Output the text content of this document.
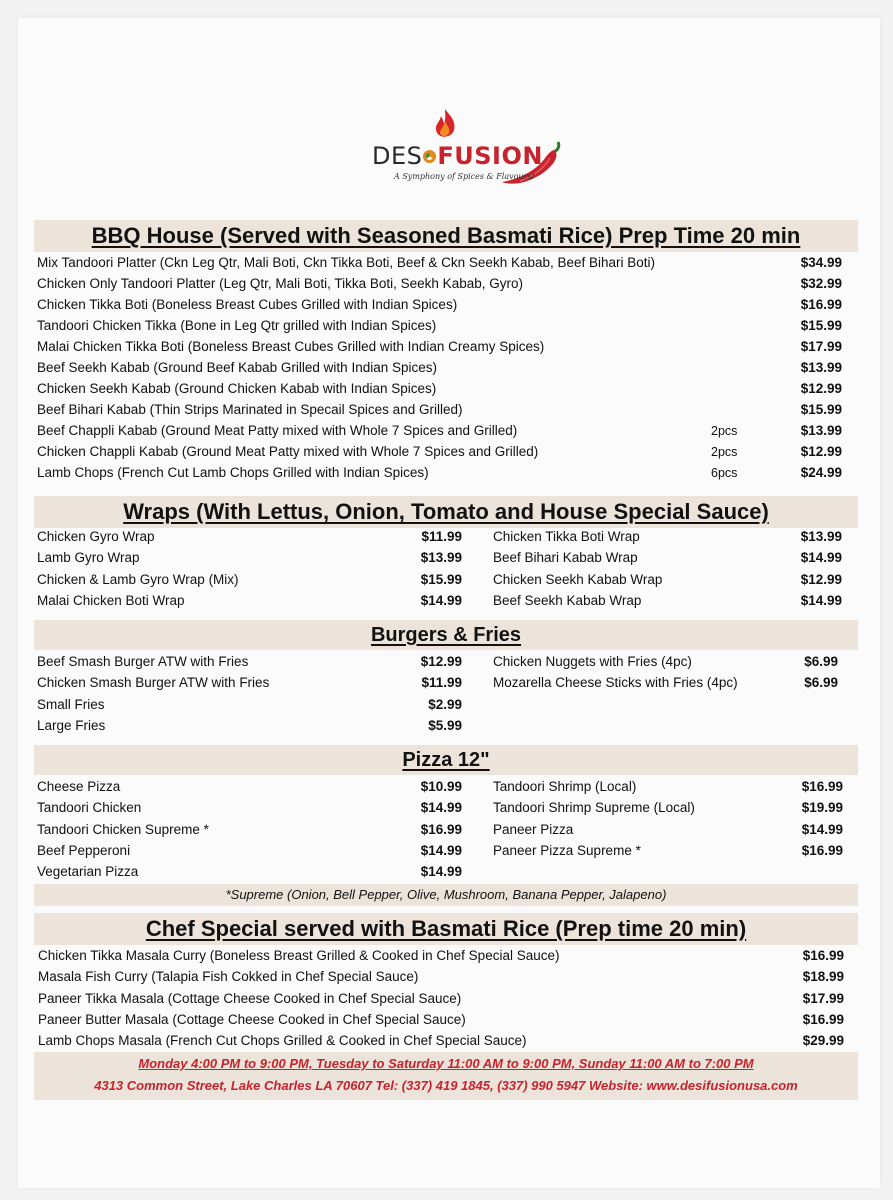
DES FUSION
A Symphony of Spices & Flavours!
BBQ House (Served with Seasoned Basmati Rice) Prep Time 20 min
Mix Tandoori Platter (Ckn Leg Qtr, Mali Boti, Ckn Tikka Boti, Beef & Ckn Seekh Kabab, Beef Bihari Boti)	$34.99
Chicken Only Tandoori Platter (Leg Qtr, Mali Boti, Tikka Boti, Seekh Kabab, Gyro)	$32.99
Chicken Tikka Boti (Boneless Breast Cubes Grilled with Indian Spices)	$16.99
Tandoori Chicken Tikka (Bone in Leg Qtr grilled with Indian Spices)	$15.99
Malai Chicken Tikka Boti (Boneless Breast Cubes Grilled with Indian Creamy Spices)	$17.99
Beef Seekh Kabab (Ground Beef Kabab Grilled with Indian Spices)	$13.99
Chicken Seekh Kabab (Ground Chicken Kabab with Indian Spices)	$12.99
Beef Bihari Kabab (Thin Strips Marinated in Specail Spices and Grilled)	$15.99
Beef Chappli Kabab (Ground Meat Patty mixed with Whole 7 Spices and Grilled)	2pcs	$13.99
Chicken Chappli Kabab (Ground Meat Patty mixed with Whole 7 Spices and Grilled)	2pcs	$12.99
Lamb Chops (French Cut Lamb Chops Grilled with Indian Spices)	6pcs	$24.99
Wraps (With Lettus, Onion, Tomato and House Special Sauce)
Chicken Gyro Wrap	$11.99
Lamb Gyro Wrap	$13.99
Chicken & Lamb Gyro Wrap (Mix)	$15.99
Malai Chicken Boti Wrap	$14.99
Chicken Tikka Boti Wrap	$13.99
Beef Bihari Kabab Wrap	$14.99
Chicken Seekh Kabab Wrap	$12.99
Beef Seekh Kabab Wrap	$14.99
Burgers & Fries
Beef Smash Burger ATW with Fries	$12.99
Chicken Smash Burger ATW with Fries	$11.99
Small Fries	$2.99
Large Fries	$5.99
Chicken Nuggets with Fries (4pc)	$6.99
Mozarella Cheese Sticks with Fries (4pc)	$6.99
Pizza 12"
Cheese Pizza	$10.99
Tandoori Chicken	$14.99
Tandoori Chicken Supreme *	$16.99
Beef Pepperoni	$14.99
Vegetarian Pizza	$14.99
Tandoori Shrimp (Local)	$16.99
Tandoori Shrimp Supreme (Local)	$19.99
Paneer Pizza	$14.99
Paneer Pizza Supreme *	$16.99
*Supreme (Onion, Bell Pepper, Olive, Mushroom, Banana Pepper, Jalapeno)
Chef Special served with Basmati Rice (Prep time 20 min)
Chicken Tikka Masala Curry (Boneless Breast Grilled & Cooked in Chef Special Sauce)	$16.99
Masala Fish Curry (Talapia Fish Cokked in Chef Special Sauce)	$18.99
Paneer Tikka Masala (Cottage Cheese Cooked in Chef Special Sauce)	$17.99
Paneer Butter Masala (Cottage Cheese Cooked in Chef Special Sauce)	$16.99
Lamb Chops Masala (French Cut Chops Grilled & Cooked in Chef Special Sauce)	$29.99
Monday 4:00 PM to 9:00 PM, Tuesday to Saturday 11:00 AM to 9:00 PM, Sunday 11:00 AM to 7:00 PM
4313 Common Street, Lake Charles LA 70607 Tel: (337) 419 1845, (337) 990 5947 Website: www.desifusionusa.com
